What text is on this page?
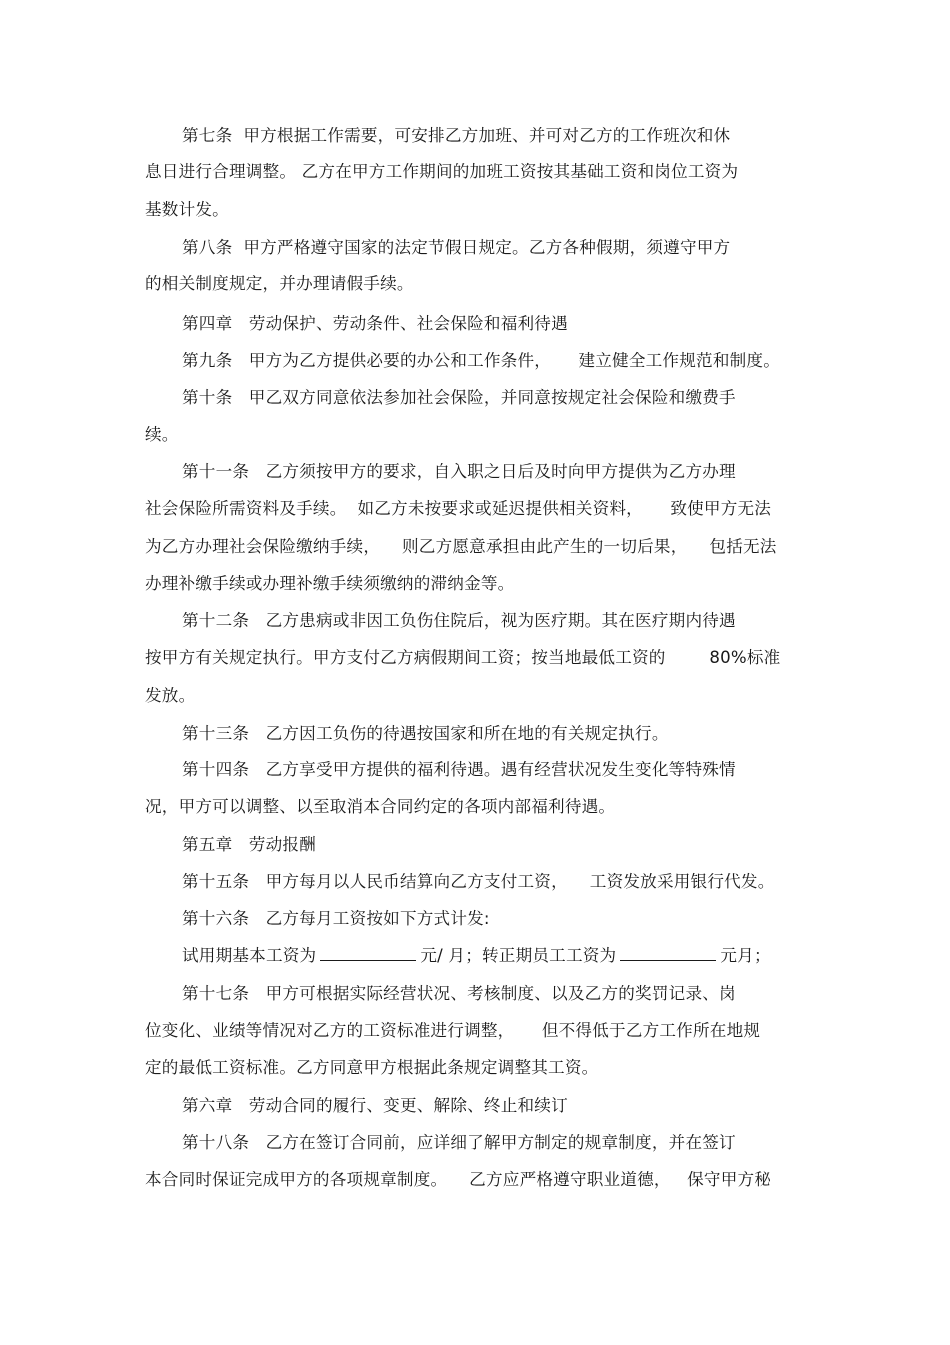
第七条  甲方根据工作需要，可安排乙方加班、并可对乙方的工作班次和休
息日进行合理调整。 乙方在甲方工作期间的加班工资按其基础工资和岗位工资为
基数计发。
第八条  甲方严格遵守国家的法定节假日规定。乙方各种假期，须遵守甲方
的相关制度规定，并办理请假手续。
第四章   劳动保护、劳动条件、社会保险和福利待遇
第九条   甲方为乙方提供必要的办公和工作条件，     建立健全工作规范和制度。
第十条   甲乙双方同意依法参加社会保险，并同意按规定社会保险和缴费手
续。
第十一条   乙方须按甲方的要求，自入职之日后及时向甲方提供为乙方办理
社会保险所需资料及手续。  如乙方未按要求或延迟提供相关资料，     致使甲方无法
为乙方办理社会保险缴纳手续，    则乙方愿意承担由此产生的一切后果，    包括无法
办理补缴手续或办理补缴手续须缴纳的滞纳金等。
第十二条   乙方患病或非因工负伤住院后，视为医疗期。其在医疗期内待遇
按甲方有关规定执行。甲方支付乙方病假期间工资；按当地最低工资的        80%标准
发放。
第十三条   乙方因工负伤的待遇按国家和所在地的有关规定执行。
第十四条   乙方享受甲方提供的福利待遇。遇有经营状况发生变化等特殊情
况，甲方可以调整、以至取消本合同约定的各项内部福利待遇。
第五章   劳动报酬
第十五条   甲方每月以人民币结算向乙方支付工资，    工资发放采用银行代发。
第十六条   乙方每月工资按如下方式计发:
试用期基本工资为	元/ 月；转正期员工工资为	元月；
第十七条   甲方可根据实际经营状况、考核制度、以及乙方的奖罚记录、岗
位变化、业绩等情况对乙方的工资标准进行调整，     但不得低于乙方工作所在地规
定的最低工资标准。乙方同意甲方根据此条规定调整其工资。
第六章   劳动合同的履行、变更、解除、终止和续订
第十八条   乙方在签订合同前，应详细了解甲方制定的规章制度，并在签订
本合同时保证完成甲方的各项规章制度。    乙方应严格遵守职业道德，   保守甲方秘
